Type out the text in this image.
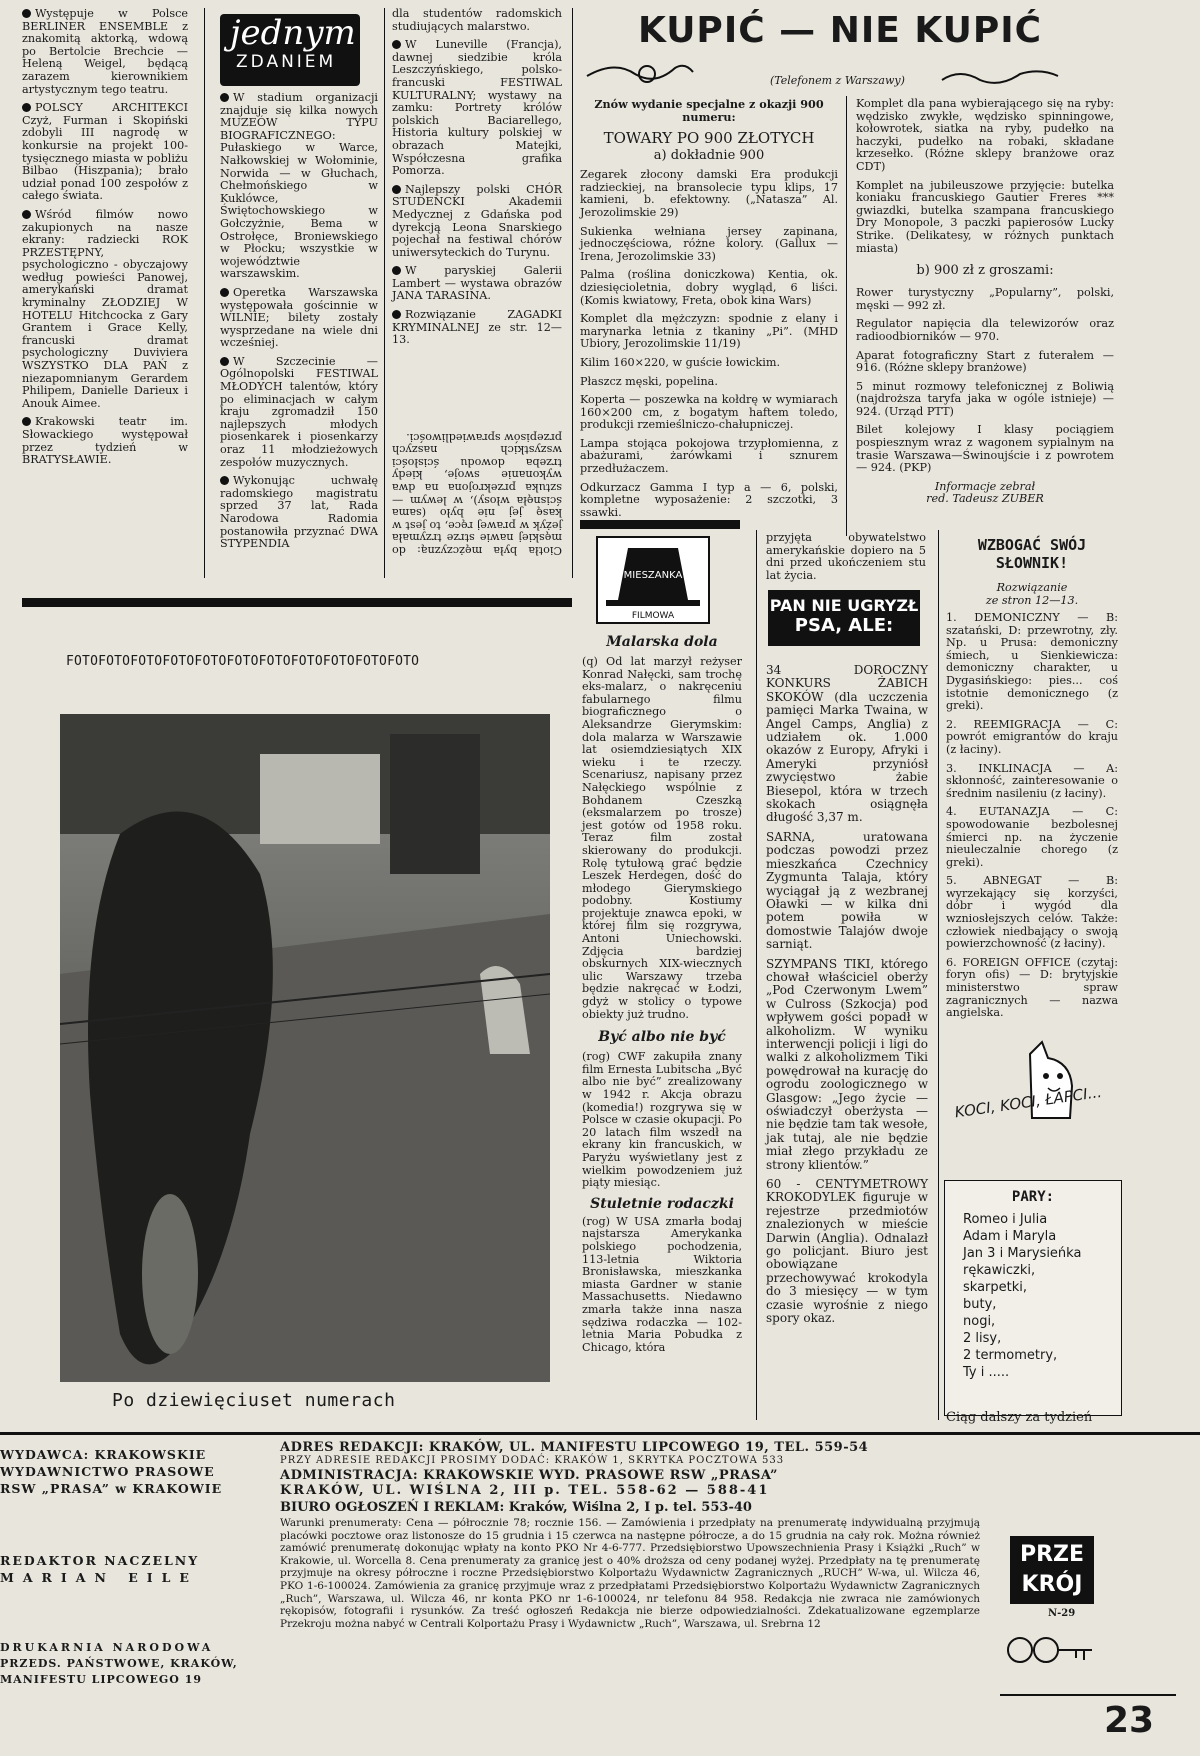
Występuje w Polsce BERLINER ENSEMBLE z znakomitą aktorką, wdową po Bertolcie Brechcie — Heleną Weigel, będącą zarazem kierownikiem artystycznym tego teatru.

POLSCY ARCHITEKCI Czyż, Furman i Skopiński zdobyli III nagrodę w konkursie na projekt 100-tysięcznego miasta w pobliżu Bilbao (Hiszpania); brało udział ponad 100 zespołów z całego świata.

Wśród filmów nowo zakupionych na nasze ekrany: radziecki ROK PRZESTĘPNY, psychologiczno - obyczajowy według powieści Panowej, amerykański dramat kryminalny ZŁODZIEJ W HOTELU Hitchcocka z Gary Grantem i Grace Kelly, francuski dramat psychologiczny Duviviera WSZYSTKO DLA PAŃ z niezapomnianym Gerardem Philipem, Danielle Darieux i Anouk Aimee.

Krakowski teatr im. Słowackiego występował przez tydzień w BRATYSŁAWIE.

jednym
ZDANIEM

W stadium organizacji znajduje się kilka nowych MUZEÓW TYPU BIOGRAFICZNEGO: Pułaskiego w Warce, Nałkowskiej w Wołominie, Norwida — w Głuchach, Chełmońskiego w Kuklówce, Świętochowskiego w Gołczyżnie, Bema w Ostrołęce, Broniewskiego w Płocku; wszystkie w województwie warszawskim.

Operetka Warszawska występowała gościnnie w WILNIE; bilety zostały wysprzedane na wiele dni wcześniej.

W Szczecinie — Ogólnopolski FESTIWAL MŁODYCH talentów, który po eliminacjach w całym kraju zgromadził 150 najlepszych młodych piosenkarek i piosenkarzy oraz 11 młodzieżowych zespołów muzycznych.

Wykonując uchwałę radomskiego magistratu sprzed 37 lat, Rada Narodowa Radomia postanowiła przyznać DWA STYPENDIA

dla studentów radomskich studiujących malarstwo.

W Luneville (Francja), dawnej siedzibie króla Leszczyńskiego, polsko-francuski FESTIWAL KULTURALNY; wystawy na zamku: Portrety królów polskich Baciarellego, Historia kultury polskiej w obrazach Matejki, Współczesna grafika Pomorza.

Najlepszy polski CHÓR STUDENCKI Akademii Medycznej z Gdańska pod dyrekcją Leona Snarskiego pojechał na festiwal chórów uniwersyteckich do Turynu.

W paryskiej Galerii Lambert — wystawa obrazów JANA TARASINA.

Rozwiązanie ZAGADKI KRYMINALNEJ ze str. 12—13.

Ciotła była mężczyzną: do męskiej nawie strze trzymała jeżyk w prawej ręce, to jest w kasę jej nie było (sama ścisnęła włosy), w lewym — sztuka przekrojona na dwa wykonanie swoje, kiedy trzeba dowodu ścisłości wszystkich naszych przepisów sprawiedliwości.
KUPIĆ — NIE KUPIĆ
(Telefonem z Warszawy)

Znów wydanie specjalne z okazji 900 numeru:

TOWARY PO 900 ZŁOTYCH

a) dokładnie 900

Zegarek złocony damski Era produkcji radzieckiej, na bransolecie typu klips, 17 kamieni, b. efektowny. („Natasza” Al. Jerozolimskie 29)

Sukienka wełniana jersey zapinana, jednoczęściowa, różne kolory. (Gallux — Irena, Jerozolimskie 33)

Palma (roślina doniczkowa) Kentia, ok. dziesięcioletnia, dobry wygląd, 6 liści. (Komis kwiatowy, Freta, obok kina Wars)

Komplet dla mężczyzn: spodnie z elany i marynarka letnia z tkaniny „Pi”. (MHD Ubiory, Jerozolimskie 11/19)

Kilim 160×220, w guście łowickim.

Płaszcz męski, popelina.

Koperta — poszewka na kołdrę w wymiarach 160×200 cm, z bogatym haftem toledo, produkcji rzemieślniczo-chałupniczej.

Lampa stojąca pokojowa trzypłomienna, z abażurami, żarówkami i sznurem przedłużaczem.

Odkurzacz Gamma I typ a — 6, polski, kompletne wyposażenie: 2 szczotki, 3 ssawki.

Komplet dla pana wybierającego się na ryby: wędzisko zwykłe, wędzisko spinningowe, kołowrotek, siatka na ryby, pudełko na haczyki, pudełko na robaki, składane krzesełko. (Różne sklepy branżowe oraz CDT)

Komplet na jubileuszowe przyjęcie: butelka koniaku francuskiego Gautier Freres *** gwiazdki, butelka szampana francuskiego Dry Monopole, 3 paczki papierosów Lucky Strike. (Delikatesy, w różnych punktach miasta)

b) 900 zł z groszami:

Rower turystyczny „Popularny”, polski, męski — 992 zł.

Regulator napięcia dla telewizorów oraz radioodbiorników — 970.

Aparat fotograficzny Start z futerałem — 916. (Różne sklepy branżowe)

5 minut rozmowy telefonicznej z Boliwią (najdroższa taryfa jaka w ogóle istnieje) — 924. (Urząd PTT)

Bilet kolejowy I klasy pociągiem pospiesznym wraz z wagonem sypialnym na trasie Warszawa—Świnoujście i z powrotem — 924. (PKP)

Informacje zebrał

red. Tadeusz ZUBER

FOTOFOTOFOTOFOTOFOTOFOTOFOTOFOTOFOTOFOTOFOTO
Po dziewięciuset numerach
MIESZANKA
FILMOWA

Malarska dola

(q) Od lat marzył reżyser Konrad Nałęcki, sam trochę eks-malarz, o nakręceniu fabularnego filmu biograficznego o Aleksandrze Gierymskim: dola malarza w Warszawie lat osiemdziesiątych XIX wieku i te rzeczy. Scenariusz, napisany przez Nałęckiego wspólnie z Bohdanem Czeszką (eksmalarzem po trosze) jest gotów od 1958 roku. Teraz film został skierowany do produkcji. Rolę tytułową grać będzie Leszek Herdegen, dość do młodego Gierymskiego podobny. Kostiumy projektuje znawca epoki, w której film się rozgrywa, Antoni Uniechowski. Zdjęcia bardziej obskurnych XIX-wiecznych ulic Warszawy trzeba będzie nakręcać w Łodzi, gdyż w stolicy o typowe obiekty już trudno.

Być albo nie być

(rog) CWF zakupiła znany film Ernesta Lubitscha „Być albo nie być” zrealizowany w 1942 r. Akcja obrazu (komedia!) rozgrywa się w Polsce w czasie okupacji. Po 20 latach film wszedł na ekrany kin francuskich, w Paryżu wyświetlany jest z wielkim powodzeniem już piąty miesiąc.

Stuletnie rodaczki

(rog) W USA zmarła bodaj najstarsza Amerykanka polskiego pochodzenia, 113-letnia Wiktoria Bronisławska, mieszkanka miasta Gardner w stanie Massachusetts. Niedawno zmarła także inna nasza sędziwa rodaczka — 102-letnia Maria Pobudka z Chicago, która

przyjęta obywatelstwo amerykańskie dopiero na 5 dni przed ukończeniem stu lat życia.
PAN NIE UGRYZŁ
PSA, ALE:

34 DOROCZNY KONKURS ŻABICH SKOKÓW (dla uczczenia pamięci Marka Twaina, w Angel Camps, Anglia) z udziałem ok. 1.000 okazów z Europy, Afryki i Ameryki przyniósł zwycięstwo żabie Biesepol, która w trzech skokach osiągnęła długość 3,37 m.

SARNA, uratowana podczas powodzi przez mieszkańca Czechnicy Zygmunta Talaja, który wyciągał ją z wezbranej Oławki — w kilka dni potem powiła w domostwie Talajów dwoje sarniąt.

SZYMPANS TIKI, którego chował właściciel oberży „Pod Czerwonym Lwem” w Culross (Szkocja) pod wpływem gości popadł w alkoholizm. W wyniku interwencji policji i ligi do walki z alkoholizmem Tiki powędrował na kurację do ogrodu zoologicznego w Glasgow: „Jego życie — oświadczył oberżysta — nie będzie tam tak wesołe, jak tutaj, ale nie będzie miał złego przykładu ze strony klientów.”

60 - CENTYMETROWY KROKODYLEK figuruje w rejestrze przedmiotów znalezionych w mieście Darwin (Anglia). Odnalazł go policjant. Biuro jest obowiązane przechowywać krokodyla do 3 miesięcy — w tym czasie wyrośnie z niego spory okaz.

WZBOGAĆ SWÓJ
SŁOWNIK!
Rozwiązanie
ze stron 12—13.

1. DEMONICZNY — B: szatański, D: przewrotny, zły. Np. u Prusa: demoniczny śmiech, u Sienkiewicza: demoniczny charakter, u Dygasińskiego: pies... coś istotnie demonicznego (z greki).

2. REEMIGRACJA — C: powrót emigrantów do kraju (z łaciny).

3. INKLINACJA — A: skłonność, zainteresowanie o średnim nasileniu (z łaciny).

4. EUTANAZJA — C: spowodowanie bezbolesnej śmierci np. na życzenie nieuleczalnie chorego (z greki).

5. ABNEGAT — B: wyrzekający się korzyści, dóbr i wygód dla wzniosłejszych celów. Także: człowiek niedbający o swoją powierzchowność (z łaciny).

6. FOREIGN OFFICE (czytaj: foryn ofis) — D: brytyjskie ministerstwo spraw zagranicznych — nazwa angielska.

KOCI, KOCI, ŁAPCI...
PARY:
Romeo i Julia
Adam i Maryla
Jan 3 i Marysieńka
rękawiczki,
skarpetki,
buty,
nogi,
2 lisy,
2 termometry,
Ty i .....
Ciąg dalszy za tydzień
WYDAWCA: KRAKOWSKIE
WYDAWNICTWO PRASOWE
RSW „PRASA” w KRAKOWIE
REDAKTOR NACZELNY
MARIAN EILE
DRUKARNIA NARODOWA
PRZEDS. PAŃSTWOWE, KRAKÓW, MANIFESTU LIPCOWEGO 19
ADRES REDAKCJI: KRAKÓW, UL. MANIFESTU LIPCOWEGO 19, TEL. 559-54
PRZY ADRESIE REDAKCJI PROSIMY DODAĆ: KRAKÓW 1, SKRYTKA POCZTOWA 533
ADMINISTRACJA: KRAKOWSKIE WYD. PRASOWE RSW „PRASA”
KRAKÓW, UL. WIŚLNA 2, III p. TEL. 558-62 — 588-41
BIURO OGŁOSZEŃ I REKLAM: Kraków, Wiślna 2, I p. tel. 553-40
Warunki prenumeraty: Cena — półrocznie 78; rocznie 156. — Zamówienia i przedpłaty na prenumeratę indywidualną przyjmują placówki pocztowe oraz listonosze do 15 grudnia i 15 czerwca na następne półrocze, a do 15 grudnia na cały rok. Można również zamówić prenumeratę dokonując wpłaty na konto PKO Nr 4-6-777. Przedsiębiorstwo Upowszechnienia Prasy i Książki „Ruch” w Krakowie, ul. Worcella 8. Cena prenumeraty za granicę jest o 40% droższa od ceny podanej wyżej. Przedpłaty na tę prenumeratę przyjmuje na okresy półroczne i roczne Przedsiębiorstwo Kolportażu Wydawnictw Zagranicznych „RUCH” W-wa, ul. Wilcza 46, PKO 1-6-100024. Zamówienia za granicę przyjmuje wraz z przedpłatami Przedsiębiorstwo Kolportażu Wydawnictw Zagranicznych „Ruch”, Warszawa, ul. Wilcza 46, nr konta PKO nr 1-6-100024, nr telefonu 84 958. Redakcja nie zwraca nie zamówionych rękopisów, fotografii i rysunków. Za treść ogłoszeń Redakcja nie bierze odpowiedzialności. Zdekatualizowane egzemplarze Przekroju można nabyć w Centrali Kolportażu Prasy i Wydawnictw „Ruch”, Warszawa, ul. Srebrna 12
PRZE KRÓJ
N-29
23
